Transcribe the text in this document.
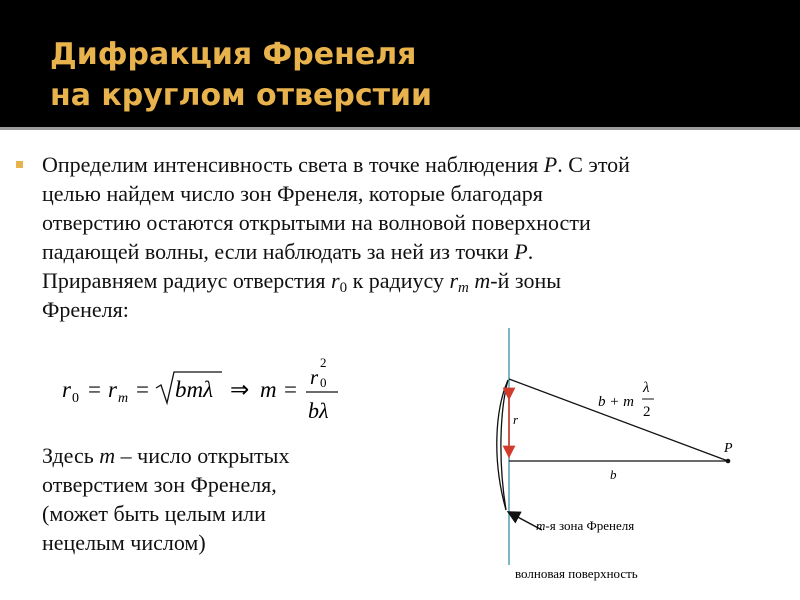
Дифракция Френеля
на круглом отверстии
Определим интенсивность света в точке наблюдения P. С этой
целью найдем число зон Френеля, которые благодаря
отверстию остаются открытыми на волновой поверхности
падающей волны, если наблюдать за ней из точки P.
Приравняем радиус отверстия $r_0$ к радиусу $r_m$ m-й зоны
Френеля:
r 0 = r m = bmλ ⇒ m = r
2
0
bλ
Здесь m – число открытых
отверстием зон Френеля,
(может быть целым или
нецелым числом)
r
b + m
λ
2
P
b
m-я зона Френеля
волновая поверхность
